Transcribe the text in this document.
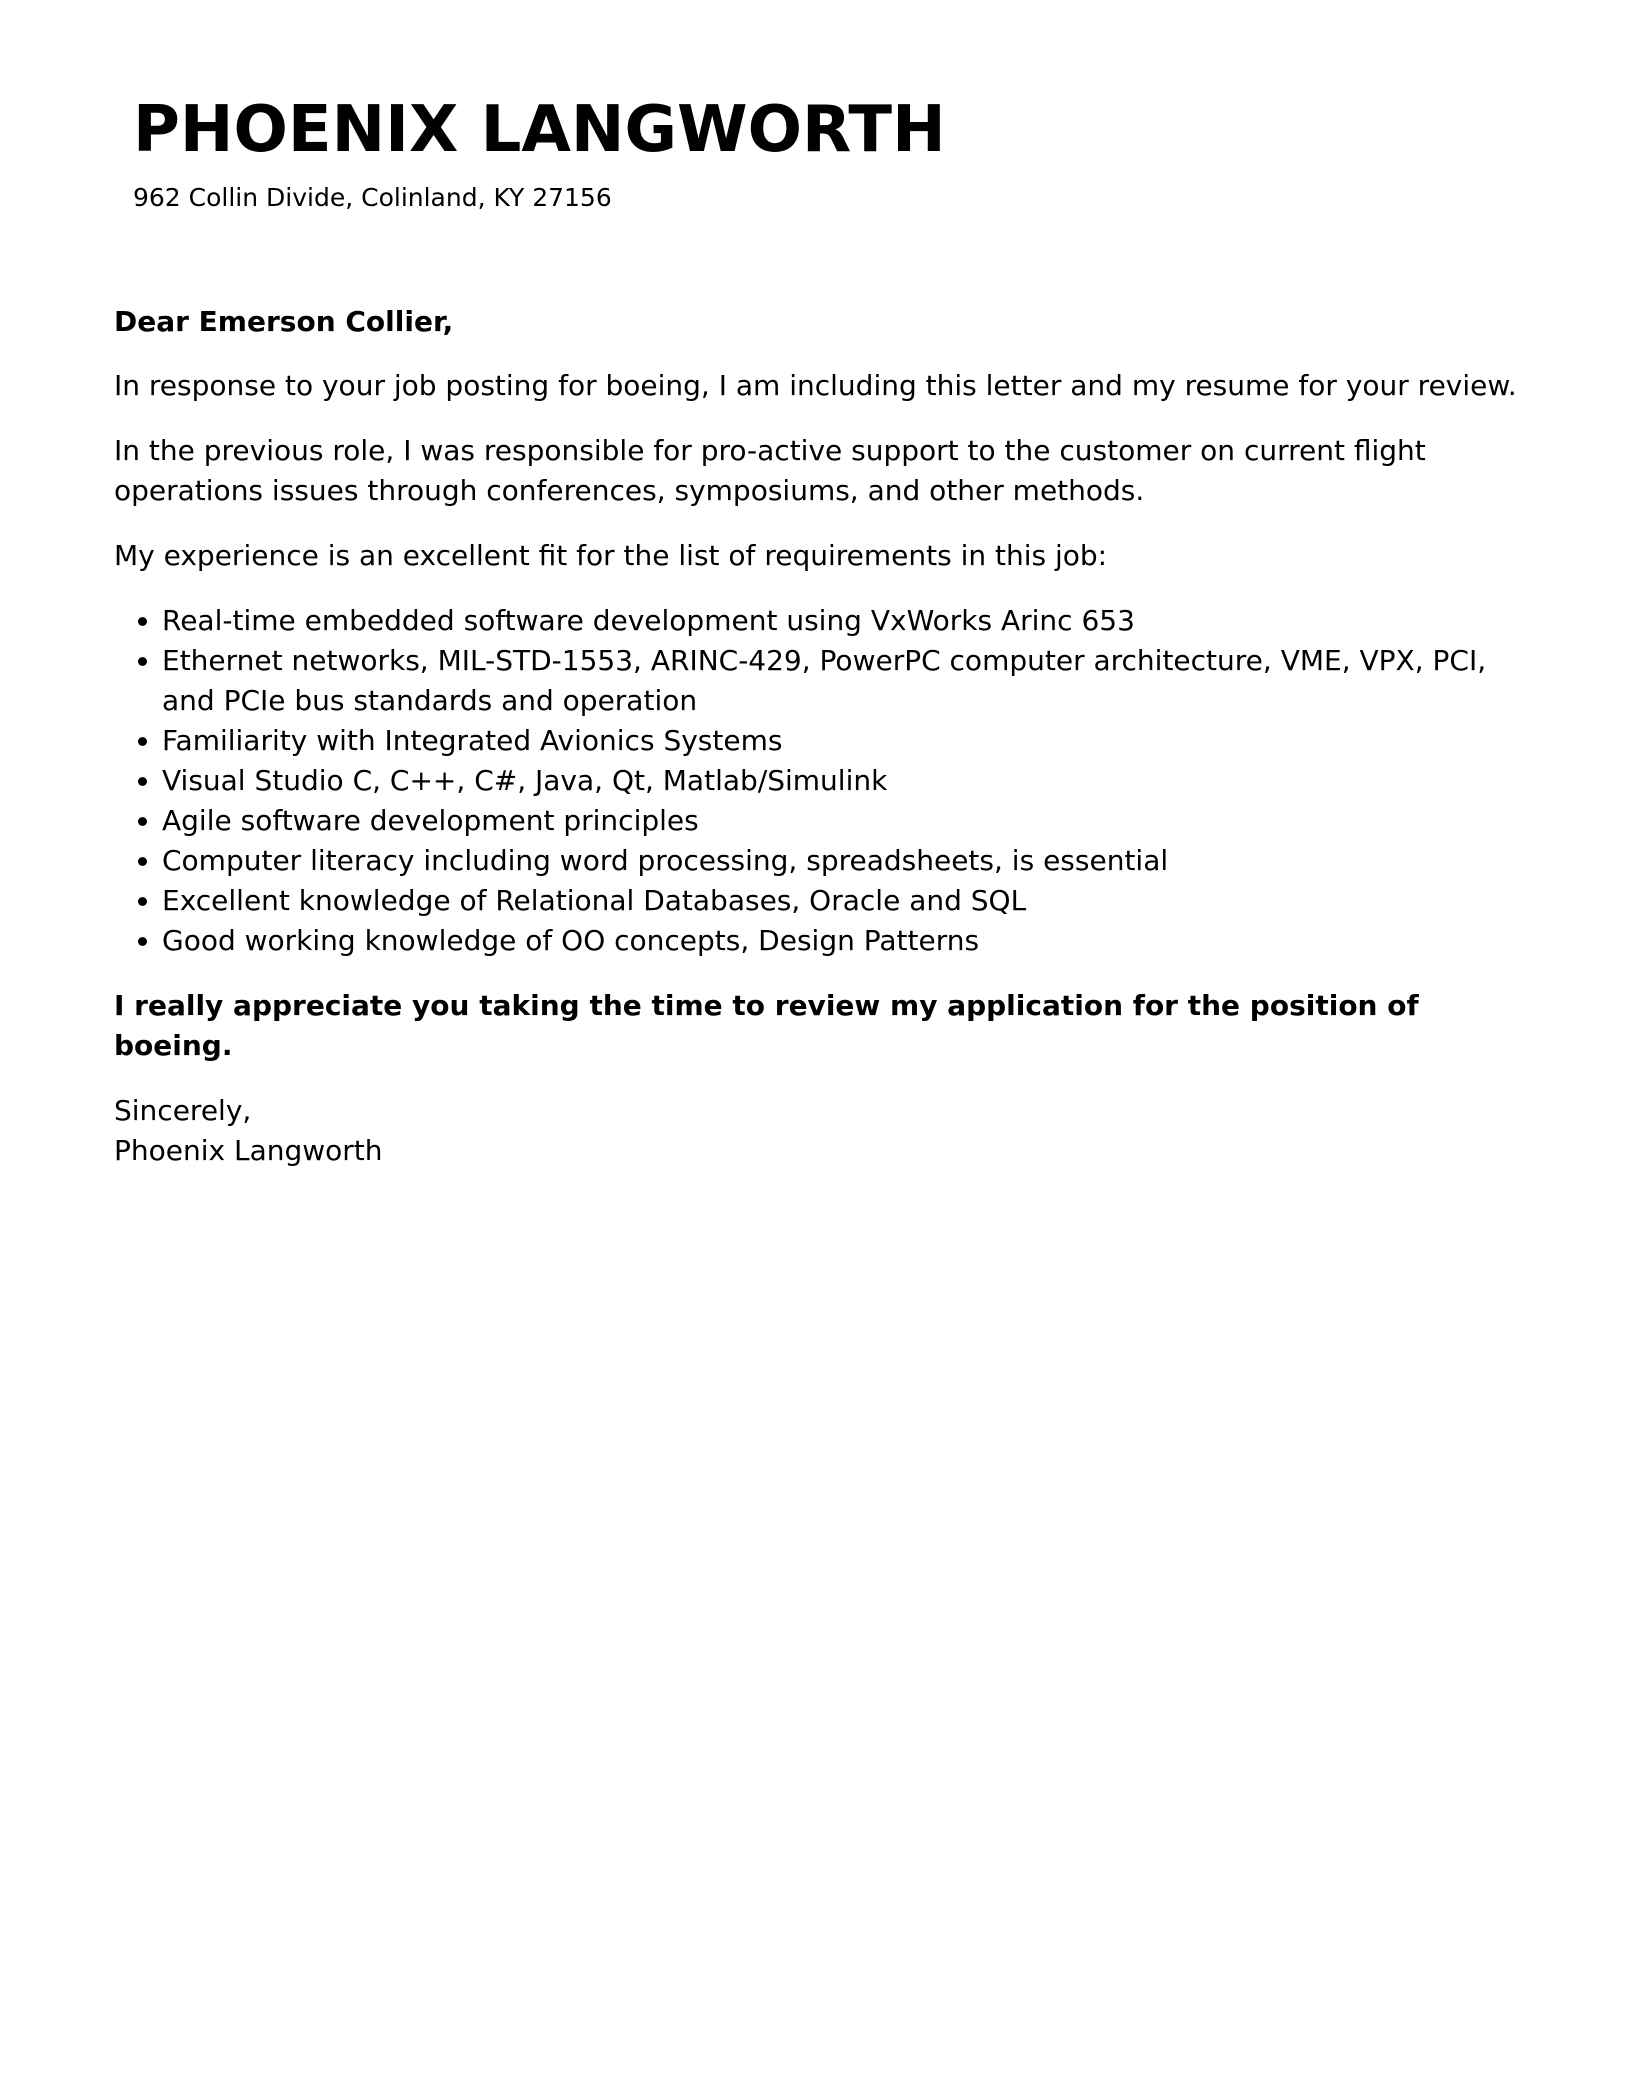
PHOENIX LANGWORTH
962 Collin Divide, Colinland, KY 27156

Dear Emerson Collier,

In response to your job posting for boeing, I am including this letter and my resume for your review.

In the previous role, I was responsible for pro-active support to the customer on current flight operations issues through conferences, symposiums, and other methods.

My experience is an excellent fit for the list of requirements in this job:

• Real-time embedded software development using VxWorks Arinc 653
• Ethernet networks, MIL-STD-1553, ARINC-429, PowerPC computer architecture, VME, VPX, PCI, and PCIe bus standards and operation
• Familiarity with Integrated Avionics Systems
• Visual Studio C, C++, C#, Java, Qt, Matlab/Simulink
• Agile software development principles
• Computer literacy including word processing, spreadsheets, is essential
• Excellent knowledge of Relational Databases, Oracle and SQL
• Good working knowledge of OO concepts, Design Patterns

I really appreciate you taking the time to review my application for the position of boeing.

Sincerely,
Phoenix Langworth
